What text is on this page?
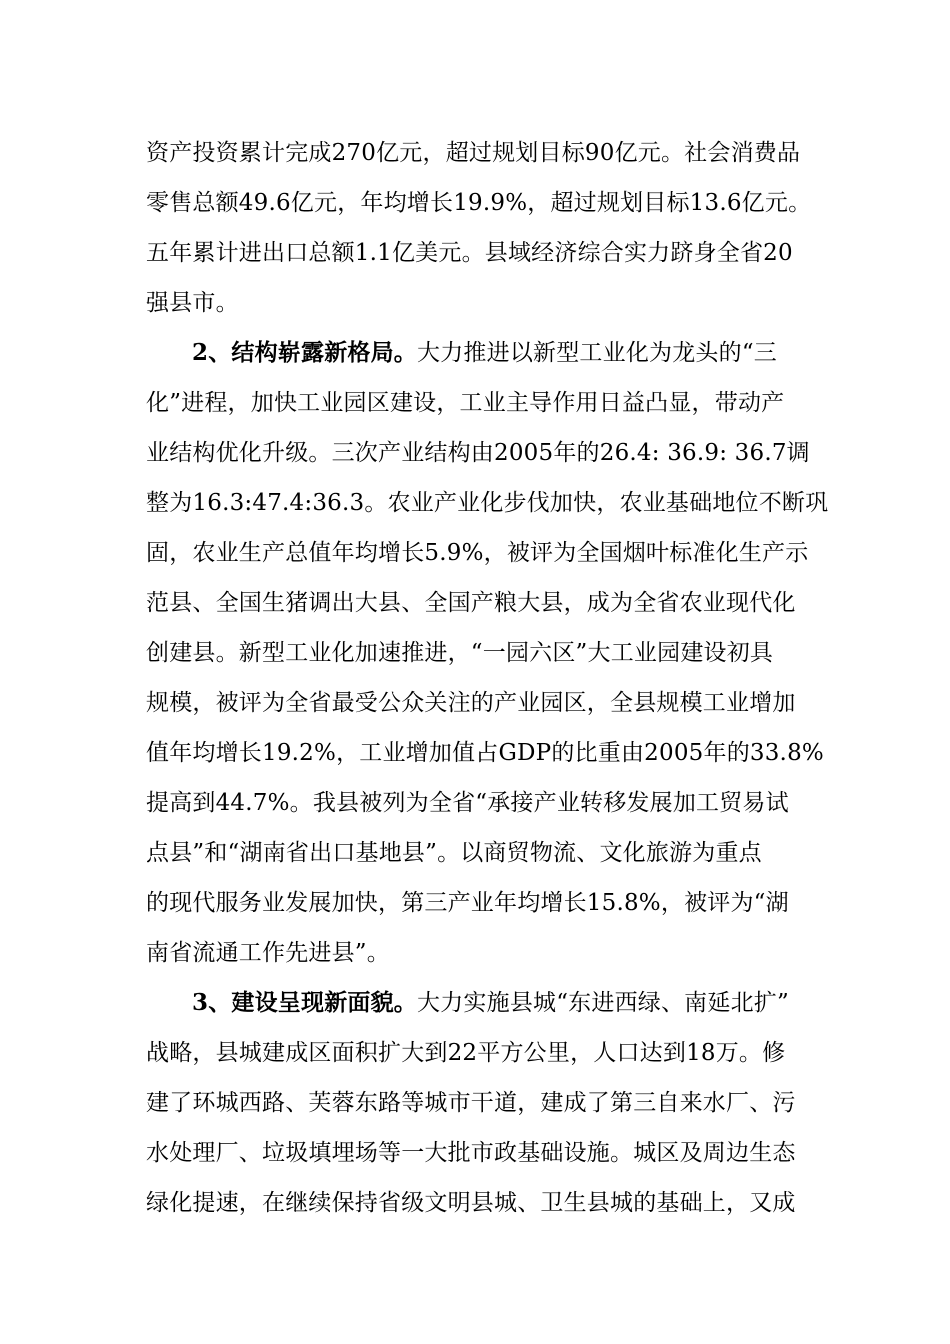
资产投资累计完成270亿元，超过规划目标90亿元。社会消费品
零售总额49.6亿元，年均增长19.9%，超过规划目标13.6亿元。
五年累计进出口总额1.1亿美元。县域经济综合实力跻身全省20
强县市。
2、结构崭露新格局。大力推进以新型工业化为龙头的“三
化”进程，加快工业园区建设，工业主导作用日益凸显，带动产
业结构优化升级。三次产业结构由2005年的26.4: 36.9: 36.7调
整为16.3:47.4:36.3。农业产业化步伐加快，农业基础地位不断巩
固，农业生产总值年均增长5.9%，被评为全国烟叶标准化生产示
范县、全国生猪调出大县、全国产粮大县，成为全省农业现代化
创建县。新型工业化加速推进，“一园六区”大工业园建设初具
规模，被评为全省最受公众关注的产业园区，全县规模工业增加
值年均增长19.2%，工业增加值占GDP的比重由2005年的33.8%
提高到44.7%。我县被列为全省“承接产业转移发展加工贸易试
点县”和“湖南省出口基地县”。以商贸物流、文化旅游为重点
的现代服务业发展加快，第三产业年均增长15.8%，被评为“湖
南省流通工作先进县”。
3、建设呈现新面貌。大力实施县城“东进西绿、南延北扩”
战略，县城建成区面积扩大到22平方公里，人口达到18万。修
建了环城西路、芙蓉东路等城市干道，建成了第三自来水厂、污
水处理厂、垃圾填埋场等一大批市政基础设施。城区及周边生态
绿化提速，在继续保持省级文明县城、卫生县城的基础上，又成
